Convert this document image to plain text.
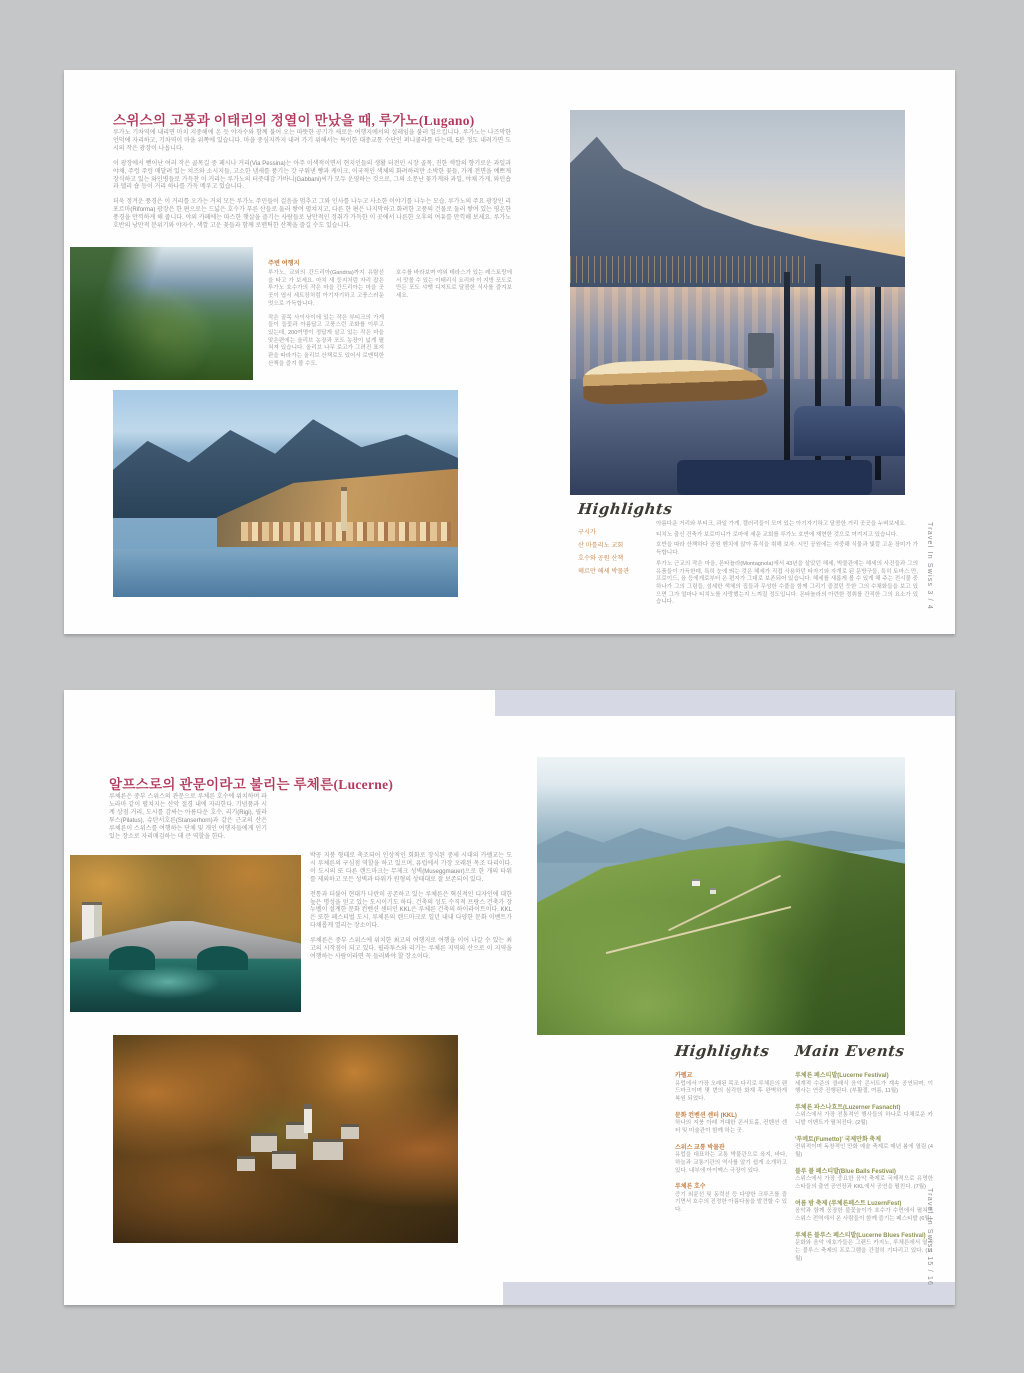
스위스의 고풍과 이태리의 정열이 만났을 때, 루가노(Lugano)

루가노 기차역에 내리면 마치 지중해에 온 듯 야자수와 함께 불어 오는 따뜻한 공기가 새로운 여행지에서의 설레임을 불러 일으킵니다. 루가노는 나즈막한 언덕에 자리하고, 기차역이 마을 위쪽에 있습니다. 마을 중심지까지 내려 가기 위해서는 특이한 대중교통 수단인 퍼니쿨라를 타는데, 5분 정도 내려가면 도시의 작은 광장이 나옵니다.

이 광장에서 뻗어난 여러 작은 골목길 중 페시나 거리(Via Pessina)는 아주 이색적이면서 현지인들의 생활 터전인 시장 골목, 진한 색깔의 향기로운 과일과 야채, 주렁 주렁 매달려 있는 치즈와 소시지들, 고소한 냄새를 풍기는 갓 구워낸 빵과 케이크, 이국적인 색체의 화려하리만 소박한 꽃들, 가게 전면을 예쁘게 장식하고 있는 와인병들로 가득찬 이 거리는 루가노의 터줏대감 가바니(Gabbani)씨가 모두 운영하는 것으로, 그의 소문난 꽃가게와 과일, 야채 가게, 와인숍과 델리 숍 등이 거리 하나를 가득 메우고 있습니다.

더욱 정겨운 풍경은 이 거리를 오가는 거의 모든 루가노 주민들이 걸음을 멈추고 그와 인사를 나누고 사소한 이야기를 나누는 모습. 루가노의 주요 광장인 리포르마(Riforma) 광장은 한 편으로는 드넓은 호수가 푸른 산들로 둘러 쌓여 펼쳐지고, 다른 한 편은 나지막하고 화려한 고풍의 건물로 둘러 쌓여 있는 평온한 풍경을 만끽하게 해 줍니다. 야외 카페에는 따스한 햇살을 즐기는 사람들로 낭만적인 정취가 가득한 이 곳에서 나른한 오후의 여유를 만끽해 보세요. 루가노 호반의 낭만적 분위기와 야자수, 색깔 고운 꽃들과 함께 로맨틱한 산책을 즐길 수도 있습니다.

주변 여행지

루가노, 교외의 간드리아(Gandria)까지 유람선을 타고 가 보세요. 마치 새 둥지처럼 자리 잡은 루가노 호수가의 작은 마을 간드리아는 마을 곳곳이 엽서 세트장처럼 아기자기하고 고풍스러운 멋으로 가득합니다.

작은 골목 사이사이에 있는 작은 부티크의 가게들이 들꽃과 아름답고 고풍스런 조화를 이루고 있는데, 200여명이 정답게 살고 있는 작은 마을 맞은편에는 올리브 농장과 포도 농장이 넓게 펼쳐져 있습니다. 올리브 나무 로고가 그려진 표지판을 따라가는 올리브 산책로도 있어서 로맨틱한 산책을 즐겨 볼 수도.

호수를 바라보며 야외 테라스가 있는 레스토랑에서 맛볼 수 있는 이태리식 요리와 이 지방 포도로 만든 포도 샤벳 디저트로 달콤한 식사를 즐겨보세요.

Highlights
구시가
산 마를리노 교회
호수와 공원 산책
헤르만 헤세 박물관

아름다운 거리와 부티크, 과일 가게, 갤러리들이 모여 있는 아기자기하고 달콤한 거리 곳곳을 누벼보세요.

티치노 출신 건축가 보로미니가 로마에 세운 교회를 루가노 호반에 재현한 것으로 여겨지고 있습니다.

호반을 따라 산책하다 공원 벤치에 앉아 휴식을 취해 보자. 시민 공원에는 지중해 식물과 빛깔 고운 장미가 가득합니다.

루가노 근교의 작은 마을, 몬타뇰라(Montagnola)에서 43년을 살았던 헤세, 박물관에는 헤세의 사진들과 그의 유품들이 가득한데, 특히 눈에 띄는 것은 헤세가 직접 사용하던 타자기와 자개로 된 문방구들, 특히 토마스 만, 프로이드, 융 등에게로부터 온 편지가 그대로 보존되어 있습니다. 헤세를 새롭게 볼 수 있게 해 주는 전시물 중 하나가 그의 그림들, 섬세한 색체의 집들과 무성한 수풀을 함께 그리기 즐겼던 듯한 그의 수채화들을 보고 있으면 그가 얼마나 티치노를 사랑했는지 느껴질 정도입니다. 몬타뇰라의 아련한 정취를 간직한 그의 요소가 있습니다.	Travel In Swiss 3 / 4
알프스로의 관문이라고 불리는 루체른(Lucerne)

루체른은 중부 스위스의 관문으로 루체른 호수에 위치하며 파노라마 같이 펼쳐지는 산악 절경 내에 자리한다. 기념품과 시계 상점 거리, 도시를 감싸는 아름다운 호수, 리기(Rigi), 필라투스(Pilatus), 슈탄서호른(Stanserhorn)과 같은 근교의 산은 루체른이 스위스를 여행하는 단체 및 개인 여행자들에게 인기있는 장소로 자리매김하는 데 큰 역할을 한다.

박공 지붕 형태로 축조되어 인상적인 회화로 장식된 중세 시대의 카펠교는 도시 루체른의 구심점 역할을 하고 있으며, 유럽에서 가장 오래된 목조 다리이다. 이 도시의 또 다른 랜드마크는 무제크 성벽(Museggmauer)으로 한 개의 타워를 제외하고 모든 성벽과 타워가 원형의 상태대로 잘 보존되어 있다.

전통과 더불어 현대가 나란히 공존하고 있는 루체른은 혁신적인 디자인에 대한 높은 명성을 얻고 있는 도시이기도 하다. 건축의 성도 수직적 프랑스 건축가 장 누벨이 설계한 문화 컨벤션 센터인 KKL은 루체른 건축의 하이라이트이다. KKL은 또한 페스티벌 도시, 루체른의 랜드마크로 일년 내내 다양한 문화 이벤트가 다채롭게 열리는 장소이다.

루체른은 중부 스위스에 위치한 최고의 여행지로 여행을 이어 나갈 수 있는 최고의 시작점이 되고 있다. 필라투스와 리기는 루체른 지역의 산으로 이 지역을 여행하는 사람이라면 꼭 들러봐야 할 장소이다.

Highlights

카펠교

유럽에서 가장 오래된 목조 다리로 루체른의 랜드마크이며 몇 번의 심각한 화재 후 완벽하게 복원 되었다.

문화 컨벤션 센터 (KKL)

하나의 지붕 아래 거대한 콘서트홀, 컨벤션 센터 및 미술관이 함께 하는 곳.

스위스 교통 박물관

유럽을 대표하는 교통 박물관으로 육지, 바다, 하늘과 교통기관의 역사를 알기 쉽게 소개하고 있다. 내부에 아이맥스 극장이 있다.

루체른 호수

증기 외륜선 및 동력선 등 다양한 크루즈를 즐기면서 호수의 진정한 아름다움을 발견할 수 있다.

Main Events

루체른 페스티발(Lucerne Festival)

세계적 수준의 클래식 음악 콘서트가 계속 공연되며, 이 행사는 연중 진행된다. (부활절, 여름, 11월)

루체른 파스나흐트(Luzerner Fasnacht)

스위스에서 가장 전통적인 행사들의 하나로 다채로운 카니발 이벤트가 펼쳐진다. (2월)

'푸메토(Fumetto)' 국제만화 축제

전위적이며 독창적인 만화 예술 축제로 매년 봄에 열림 (4월)

블루 볼 페스티발(Blue Balls Festival)

스위스에서 가장 중요한 음악 축제로 국제적으로 유명한 스타들의 출연 공연장과 KKL에서 공연을 펼친다. (7월)

여름 밤 축제 (루체른페스트 LuzernFest)

음악과 함께 웅장한 불꽃놀이가 호수가 수면에서 펼쳐져 스위스 전역에서 온 사람들이 함께 즐기는 페스티발 (6월)

루체른 블루스 페스티발(Lucerne Blues Festival)

문화와 음악 애호가들은 그랜드 카지노, 루체른에서 열리는 블루스 축제의 프로그램을 간절히 기다리고 있다. (11월)	Travel In Swiss 15 / 16
